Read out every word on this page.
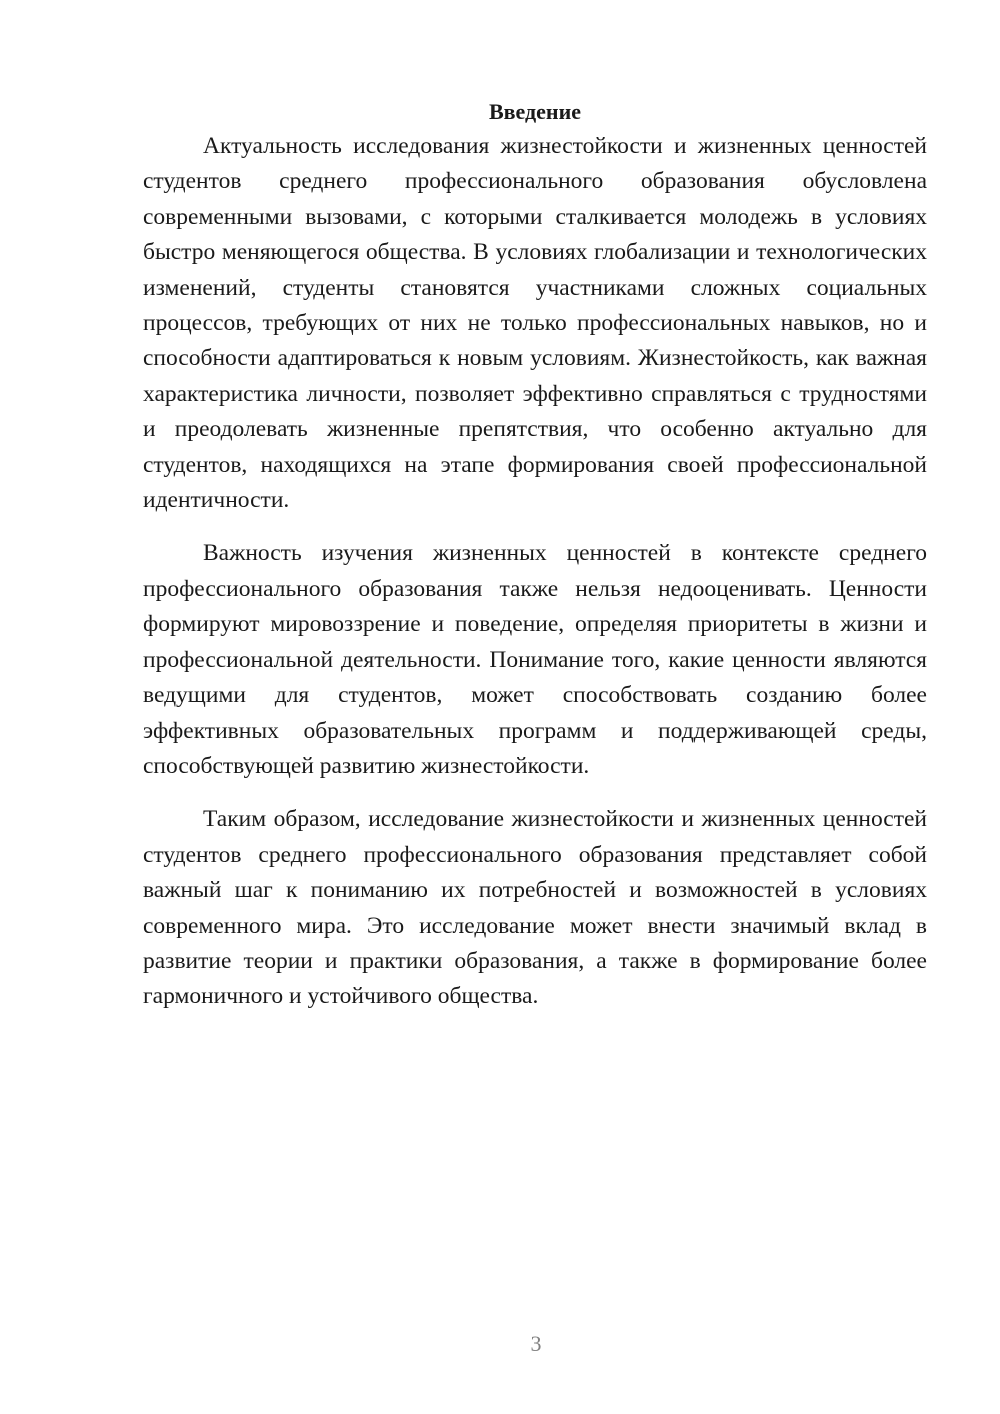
Введение

Актуальность исследования жизнестойкости и жизненных ценностей студентов среднего профессионального образования обусловлена современными вызовами, с которыми сталкивается молодежь в условиях быстро меняющегося общества. В условиях глобализации и технологических изменений, студенты становятся участниками сложных социальных процессов, требующих от них не только профессиональных навыков, но и способности адаптироваться к новым условиям. Жизнестойкость, как важная характеристика личности, позволяет эффективно справляться с трудностями и преодолевать жизненные препятствия, что особенно актуально для студентов, находящихся на этапе формирования своей профессиональной идентичности.

Важность изучения жизненных ценностей в контексте среднего профессионального образования также нельзя недооценивать. Ценности формируют мировоззрение и поведение, определяя приоритеты в жизни и профессиональной деятельности. Понимание того, какие ценности являются ведущими для студентов, может способствовать созданию более эффективных образовательных программ и поддерживающей среды, способствующей развитию жизнестойкости.

Таким образом, исследование жизнестойкости и жизненных ценностей студентов среднего профессионального образования представляет собой важный шаг к пониманию их потребностей и возможностей в условиях современного мира. Это исследование может внести значимый вклад в развитие теории и практики образования, а также в формирование более гармоничного и устойчивого общества.

3
